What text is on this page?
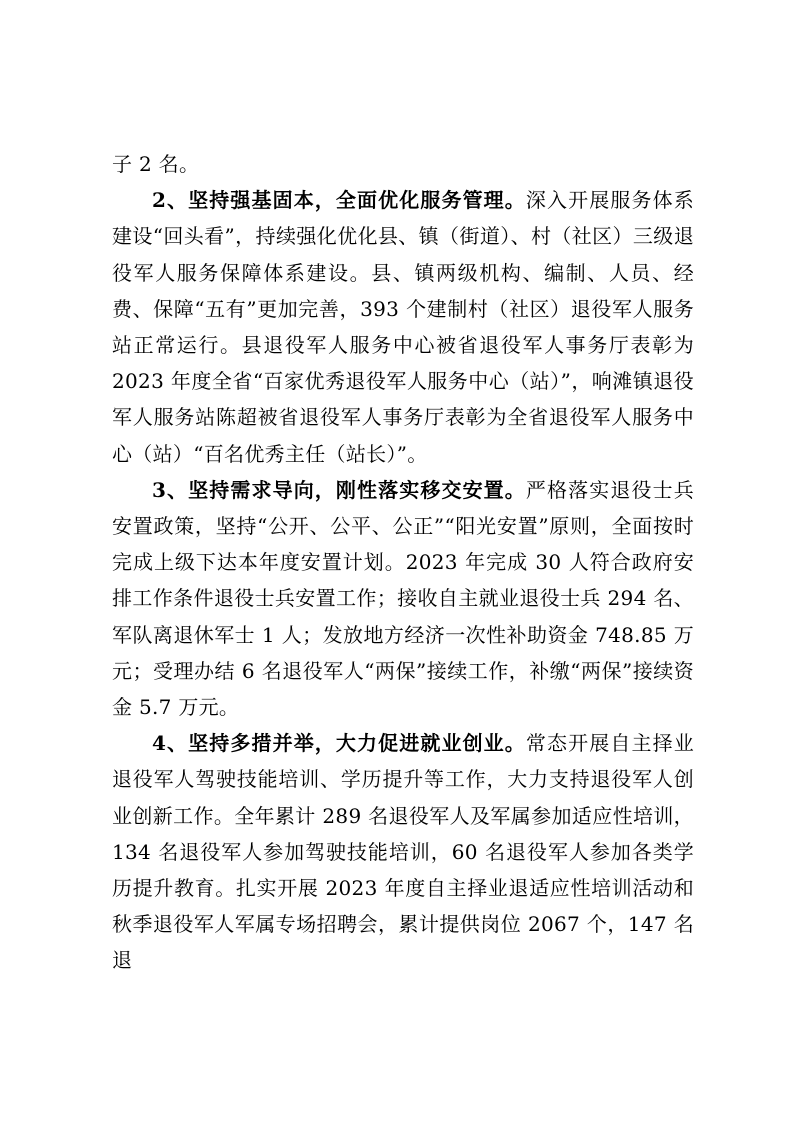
子 2 名。

2、坚持强基固本，全面优化服务管理。深入开展服务体系建设“回头看”，持续强化优化县、镇（街道）、村（社区）三级退役军人服务保障体系建设。县、镇两级机构、编制、人员、经费、保障“五有”更加完善，393 个建制村（社区）退役军人服务站正常运行。县退役军人服务中心被省退役军人事务厅表彰为 2023 年度全省“百家优秀退役军人服务中心（站）”，响滩镇退役军人服务站陈超被省退役军人事务厅表彰为全省退役军人服务中心（站）“百名优秀主任（站长）”。

3、坚持需求导向，刚性落实移交安置。严格落实退役士兵安置政策，坚持“公开、公平、公正”“阳光安置”原则，全面按时完成上级下达本年度安置计划。2023 年完成 30 人符合政府安排工作条件退役士兵安置工作；接收自主就业退役士兵 294 名、军队离退休军士 1 人；发放地方经济一次性补助资金 748.85 万元；受理办结 6 名退役军人“两保”接续工作，补缴“两保”接续资金 5.7 万元。

4、坚持多措并举，大力促进就业创业。常态开展自主择业退役军人驾驶技能培训、学历提升等工作，大力支持退役军人创业创新工作。全年累计 289 名退役军人及军属参加适应性培训，134 名退役军人参加驾驶技能培训，60 名退役军人参加各类学历提升教育。扎实开展 2023 年度自主择业退适应性培训活动和秋季退役军人军属专场招聘会，累计提供岗位 2067 个，147 名退
